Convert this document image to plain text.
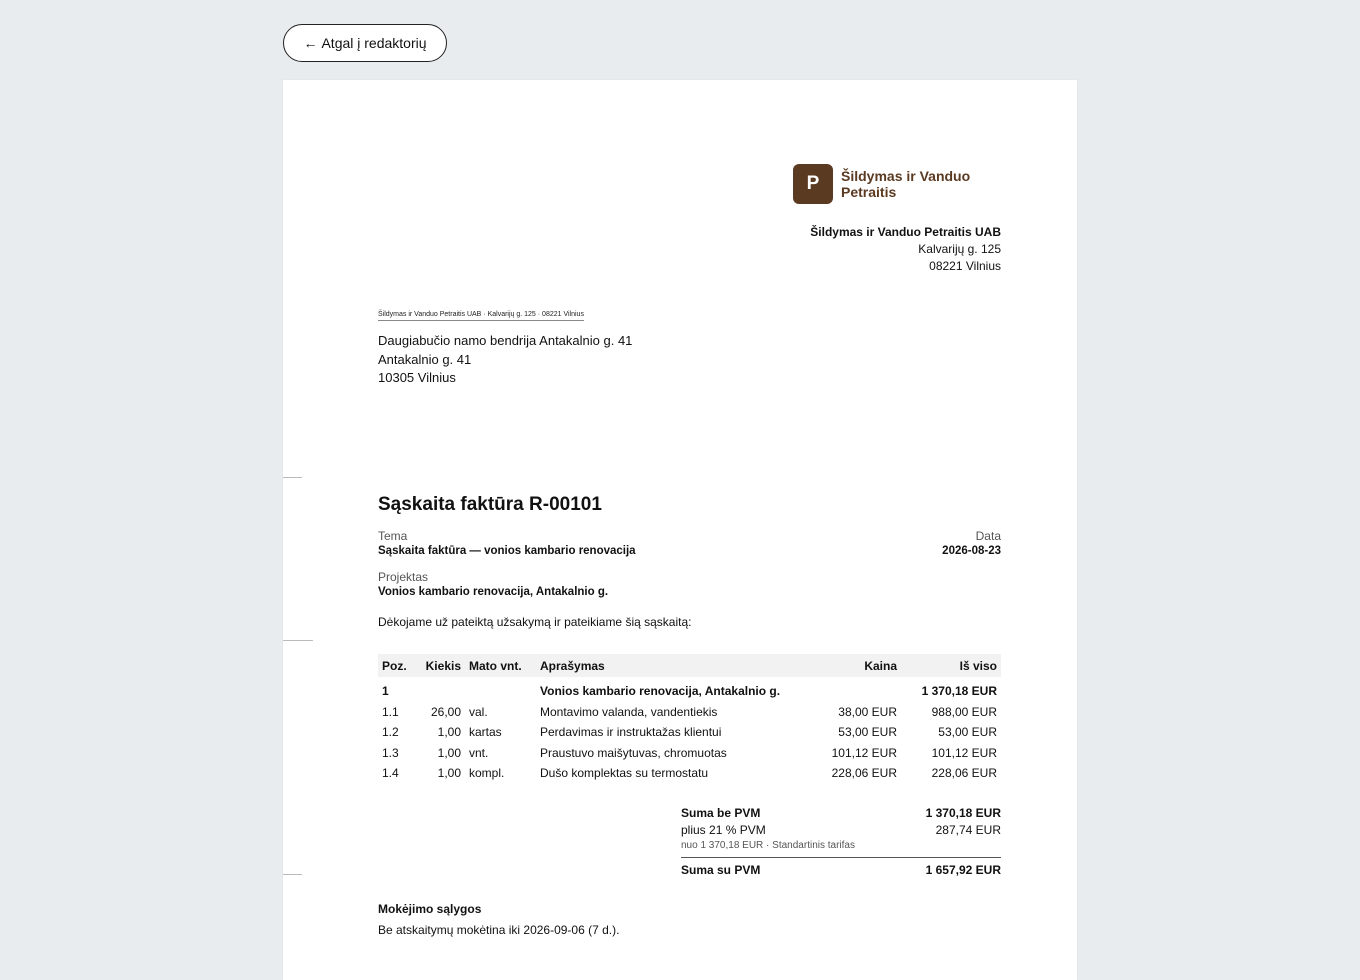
← Atgal į redaktorių
P	Šildymas ir Vanduo
Petraitis
Šildymas ir Vanduo Petraitis UAB
Kalvarijų g. 125
08221 Vilnius
Šildymas ir Vanduo Petraitis UAB · Kalvarijų g. 125 · 08221 Vilnius
Daugiabučio namo bendrija Antakalnio g. 41
Antakalnio g. 41
10305 Vilnius
Sąskaita faktūra R-00101
Tema
Sąskaita faktūra — vonios kambario renovacija
Data
2026-08-23
Projektas
Vonios kambario renovacija, Antakalnio g.
Dėkojame už pateiktą užsakymą ir pateikiame šią sąskaitą:
Poz.	Kiekis	Mato vnt.	Aprašymas	Kaina	Iš viso
1			Vonios kambario renovacija, Antakalnio g.		1 370,18 EUR
1.1	26,00	val.	Montavimo valanda, vandentiekis	38,00 EUR	988,00 EUR
1.2	1,00	kartas	Perdavimas ir instruktažas klientui	53,00 EUR	53,00 EUR
1.3	1,00	vnt.	Praustuvo maišytuvas, chromuotas	101,12 EUR	101,12 EUR
1.4	1,00	kompl.	Dušo komplektas su termostatu	228,06 EUR	228,06 EUR
Suma be PVM	1 370,18 EUR
plius 21 % PVM	287,74 EUR
nuo 1 370,18 EUR · Standartinis tarifas
Suma su PVM	1 657,92 EUR
Mokėjimo sąlygos
Be atskaitymų mokėtina iki 2026-09-06 (7 d.).
